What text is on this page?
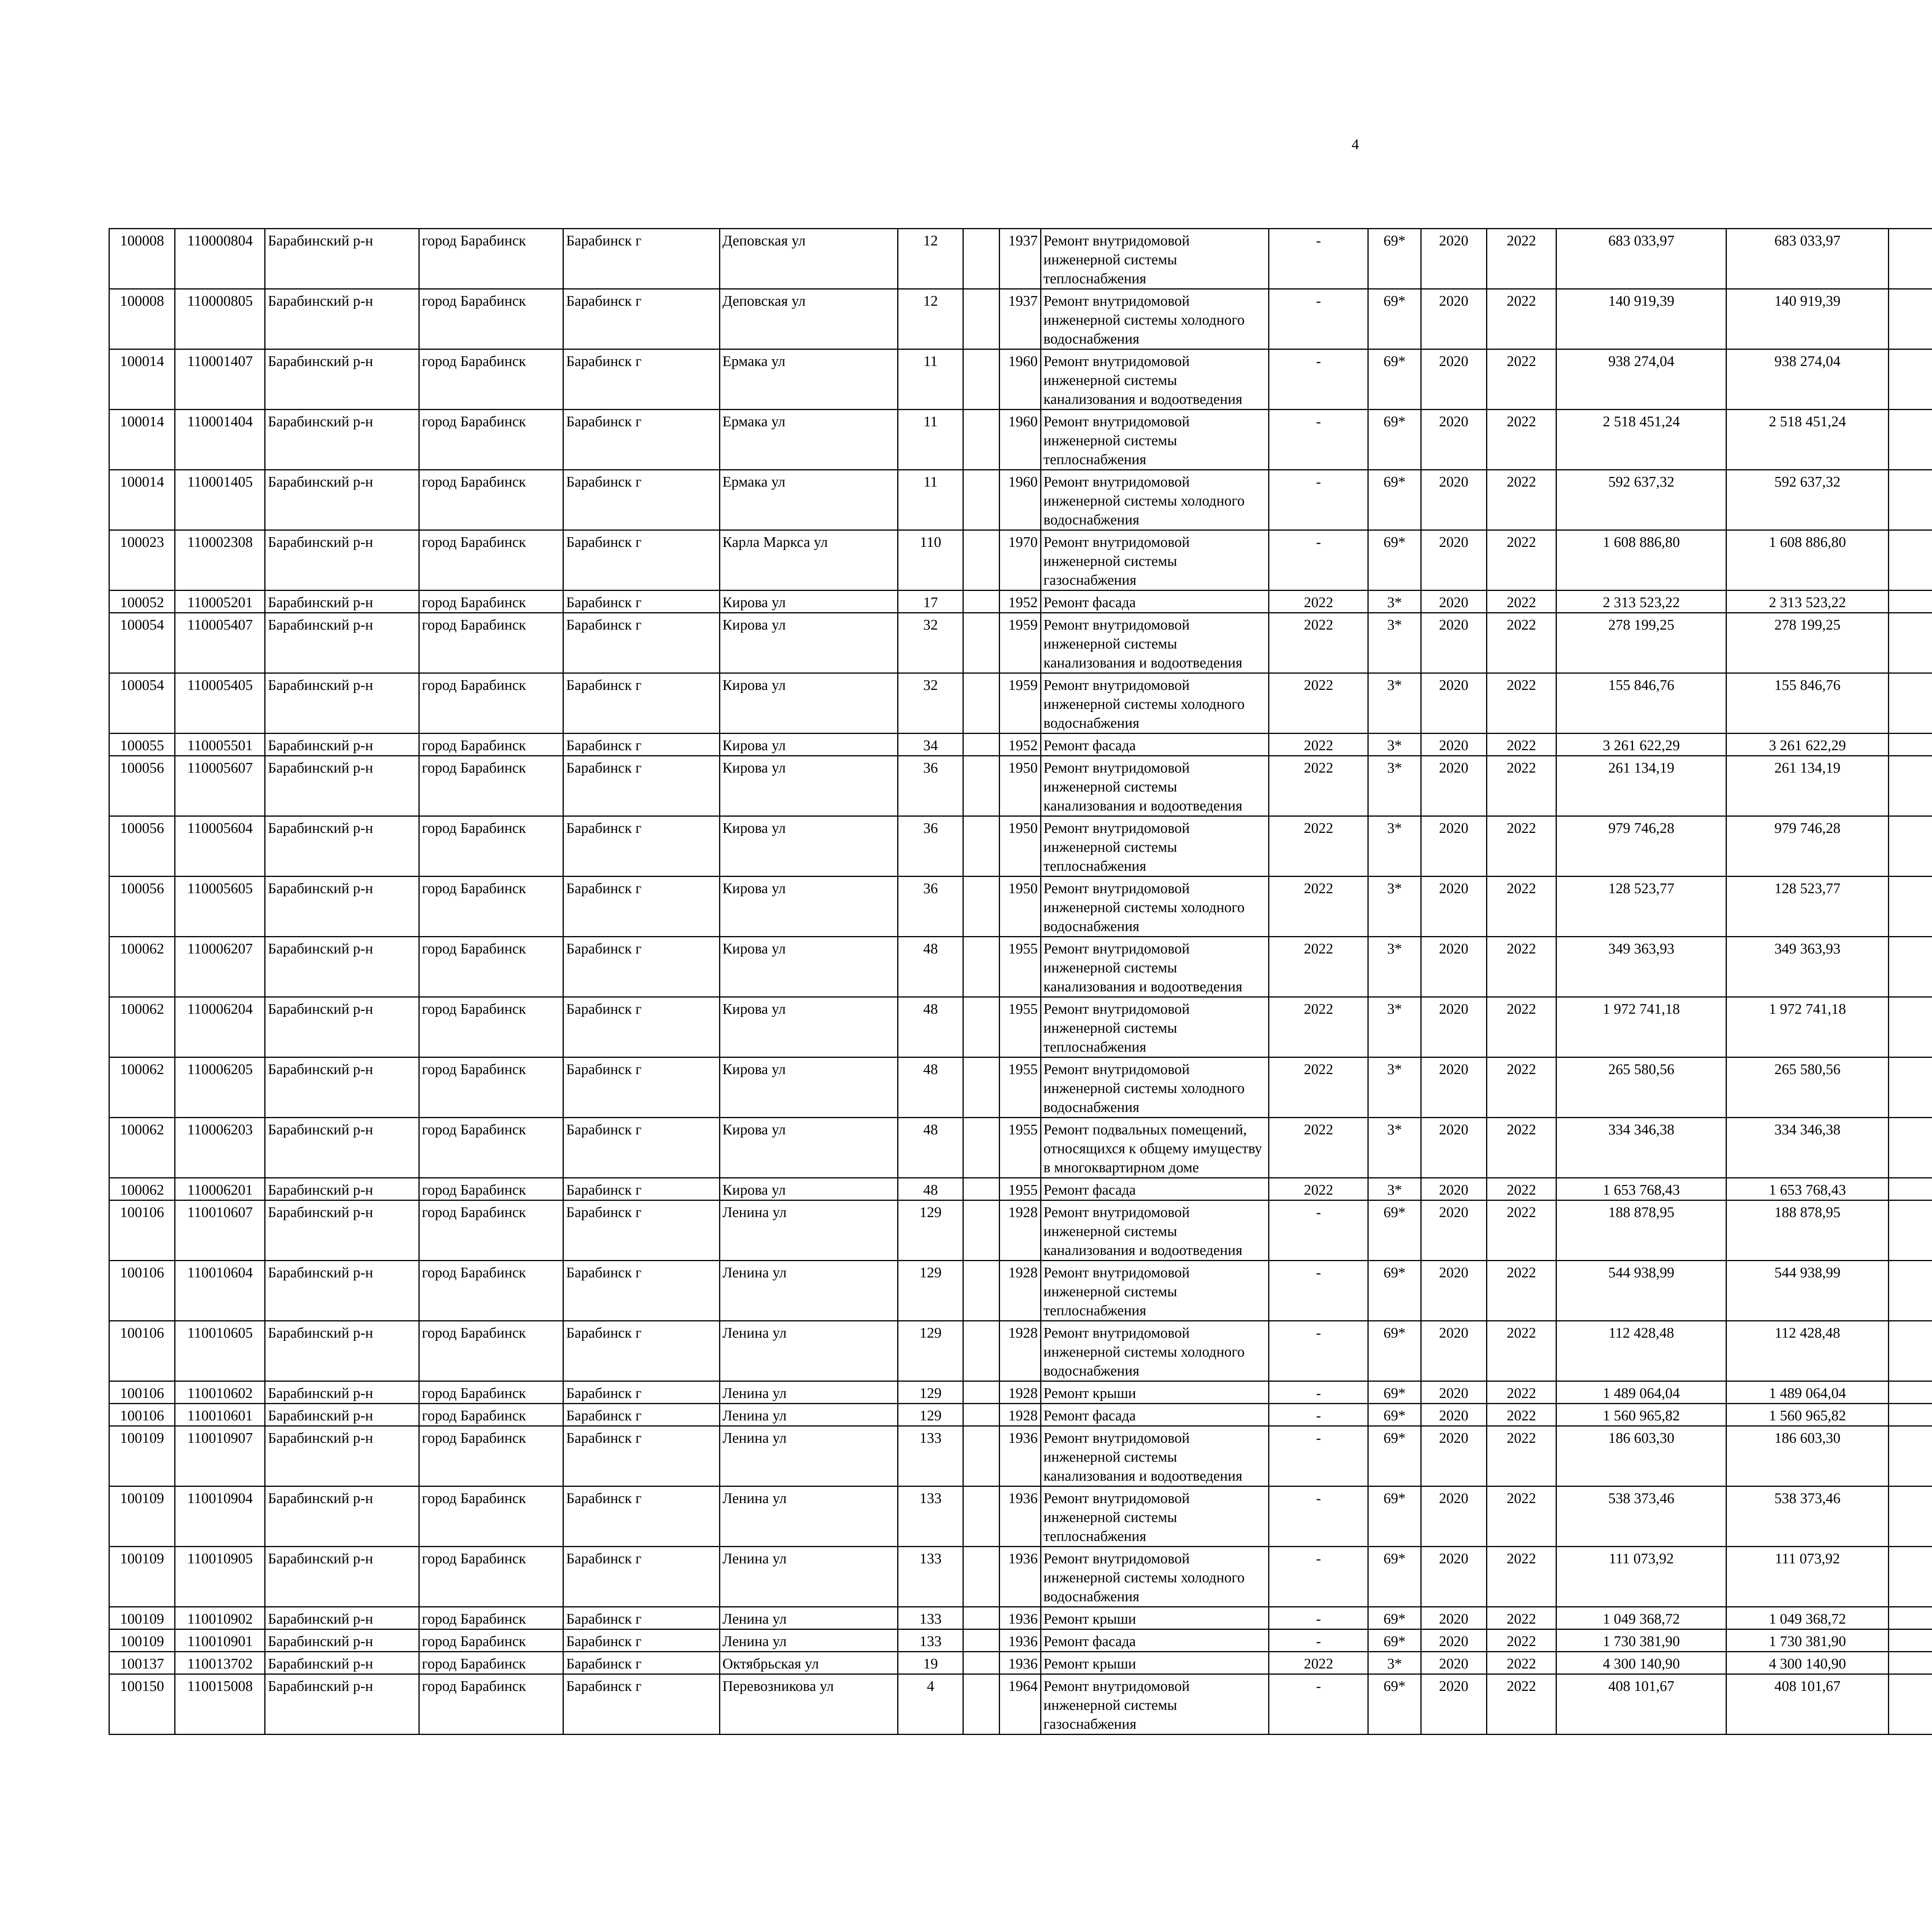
4
100008	110000804	Барабинский р-н	город Барабинск	Барабинск г	Деповская ул	12		1937	Ремонт внутридомовой инженерной системы теплоснабжения	-	69*	2020	2022	683 033,97	683 033,97						
100008	110000805	Барабинский р-н	город Барабинск	Барабинск г	Деповская ул	12		1937	Ремонт внутридомовой инженерной системы холодного водоснабжения	-	69*	2020	2022	140 919,39	140 919,39						
100014	110001407	Барабинский р-н	город Барабинск	Барабинск г	Ермака ул	11		1960	Ремонт внутридомовой инженерной системы канализования и водоотведения	-	69*	2020	2022	938 274,04	938 274,04						
100014	110001404	Барабинский р-н	город Барабинск	Барабинск г	Ермака ул	11		1960	Ремонт внутридомовой инженерной системы теплоснабжения	-	69*	2020	2022	2 518 451,24	2 518 451,24						
100014	110001405	Барабинский р-н	город Барабинск	Барабинск г	Ермака ул	11		1960	Ремонт внутридомовой инженерной системы холодного водоснабжения	-	69*	2020	2022	592 637,32	592 637,32						
100023	110002308	Барабинский р-н	город Барабинск	Барабинск г	Карла Маркса ул	110		1970	Ремонт внутридомовой инженерной системы газоснабжения	-	69*	2020	2022	1 608 886,80	1 608 886,80						
100052	110005201	Барабинский р-н	город Барабинск	Барабинск г	Кирова ул	17		1952	Ремонт фасада	2022	3*	2020	2022	2 313 523,22	2 313 523,22						
100054	110005407	Барабинский р-н	город Барабинск	Барабинск г	Кирова ул	32		1959	Ремонт внутридомовой инженерной системы канализования и водоотведения	2022	3*	2020	2022	278 199,25	278 199,25						
100054	110005405	Барабинский р-н	город Барабинск	Барабинск г	Кирова ул	32		1959	Ремонт внутридомовой инженерной системы холодного водоснабжения	2022	3*	2020	2022	155 846,76	155 846,76						
100055	110005501	Барабинский р-н	город Барабинск	Барабинск г	Кирова ул	34		1952	Ремонт фасада	2022	3*	2020	2022	3 261 622,29	3 261 622,29						
100056	110005607	Барабинский р-н	город Барабинск	Барабинск г	Кирова ул	36		1950	Ремонт внутридомовой инженерной системы канализования и водоотведения	2022	3*	2020	2022	261 134,19	261 134,19						
100056	110005604	Барабинский р-н	город Барабинск	Барабинск г	Кирова ул	36		1950	Ремонт внутридомовой инженерной системы теплоснабжения	2022	3*	2020	2022	979 746,28	979 746,28						
100056	110005605	Барабинский р-н	город Барабинск	Барабинск г	Кирова ул	36		1950	Ремонт внутридомовой инженерной системы холодного водоснабжения	2022	3*	2020	2022	128 523,77	128 523,77						
100062	110006207	Барабинский р-н	город Барабинск	Барабинск г	Кирова ул	48		1955	Ремонт внутридомовой инженерной системы канализования и водоотведения	2022	3*	2020	2022	349 363,93	349 363,93						
100062	110006204	Барабинский р-н	город Барабинск	Барабинск г	Кирова ул	48		1955	Ремонт внутридомовой инженерной системы теплоснабжения	2022	3*	2020	2022	1 972 741,18	1 972 741,18						
100062	110006205	Барабинский р-н	город Барабинск	Барабинск г	Кирова ул	48		1955	Ремонт внутридомовой инженерной системы холодного водоснабжения	2022	3*	2020	2022	265 580,56	265 580,56						
100062	110006203	Барабинский р-н	город Барабинск	Барабинск г	Кирова ул	48		1955	Ремонт подвальных помещений, относящихся к общему имуществу в многоквартирном доме	2022	3*	2020	2022	334 346,38	334 346,38						
100062	110006201	Барабинский р-н	город Барабинск	Барабинск г	Кирова ул	48		1955	Ремонт фасада	2022	3*	2020	2022	1 653 768,43	1 653 768,43						
100106	110010607	Барабинский р-н	город Барабинск	Барабинск г	Ленина ул	129		1928	Ремонт внутридомовой инженерной системы канализования и водоотведения	-	69*	2020	2022	188 878,95	188 878,95						
100106	110010604	Барабинский р-н	город Барабинск	Барабинск г	Ленина ул	129		1928	Ремонт внутридомовой инженерной системы теплоснабжения	-	69*	2020	2022	544 938,99	544 938,99						
100106	110010605	Барабинский р-н	город Барабинск	Барабинск г	Ленина ул	129		1928	Ремонт внутридомовой инженерной системы холодного водоснабжения	-	69*	2020	2022	112 428,48	112 428,48						
100106	110010602	Барабинский р-н	город Барабинск	Барабинск г	Ленина ул	129		1928	Ремонт крыши	-	69*	2020	2022	1 489 064,04	1 489 064,04						
100106	110010601	Барабинский р-н	город Барабинск	Барабинск г	Ленина ул	129		1928	Ремонт фасада	-	69*	2020	2022	1 560 965,82	1 560 965,82						
100109	110010907	Барабинский р-н	город Барабинск	Барабинск г	Ленина ул	133		1936	Ремонт внутридомовой инженерной системы канализования и водоотведения	-	69*	2020	2022	186 603,30	186 603,30						
100109	110010904	Барабинский р-н	город Барабинск	Барабинск г	Ленина ул	133		1936	Ремонт внутридомовой инженерной системы теплоснабжения	-	69*	2020	2022	538 373,46	538 373,46						
100109	110010905	Барабинский р-н	город Барабинск	Барабинск г	Ленина ул	133		1936	Ремонт внутридомовой инженерной системы холодного водоснабжения	-	69*	2020	2022	111 073,92	111 073,92						
100109	110010902	Барабинский р-н	город Барабинск	Барабинск г	Ленина ул	133		1936	Ремонт крыши	-	69*	2020	2022	1 049 368,72	1 049 368,72						
100109	110010901	Барабинский р-н	город Барабинск	Барабинск г	Ленина ул	133		1936	Ремонт фасада	-	69*	2020	2022	1 730 381,90	1 730 381,90						
100137	110013702	Барабинский р-н	город Барабинск	Барабинск г	Октябрьская ул	19		1936	Ремонт крыши	2022	3*	2020	2022	4 300 140,90	4 300 140,90						
100150	110015008	Барабинский р-н	город Барабинск	Барабинск г	Перевозникова ул	4		1964	Ремонт внутридомовой инженерной системы газоснабжения	-	69*	2020	2022	408 101,67	408 101,67						
